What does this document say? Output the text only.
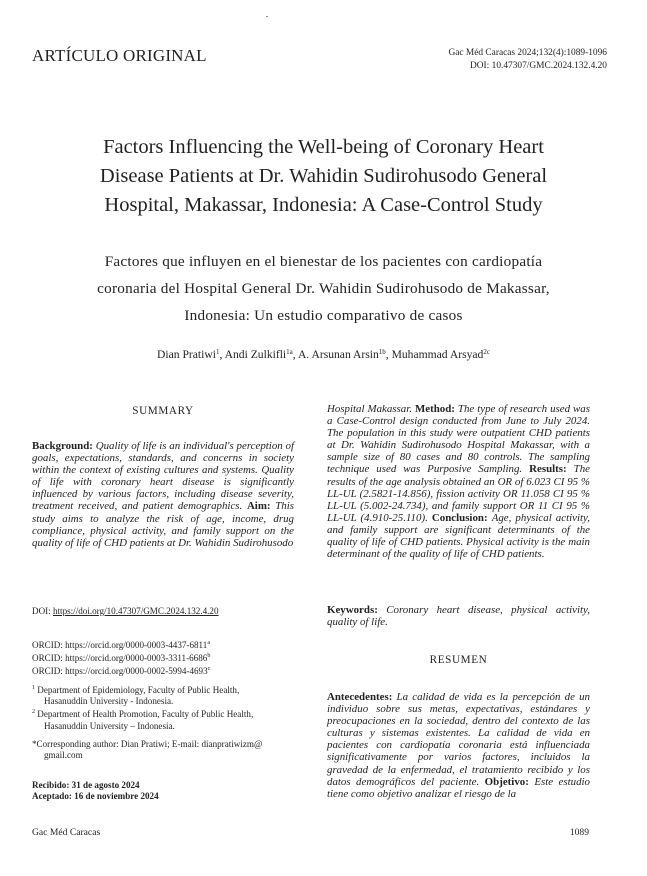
ARTÍCULO ORIGINAL	Gac Méd Caracas 2024;132(4):1089-1096
DOI: 10.47307/GMC.2024.132.4.20
Factors Influencing the Well-being of Coronary Heart
Disease Patients at Dr. Wahidin Sudirohusodo General
Hospital, Makassar, Indonesia: A Case-Control Study
Factores que influyen en el bienestar de los pacientes con cardiopatía
coronaria del Hospital General Dr. Wahidin Sudirohusodo de Makassar,
Indonesia: Un estudio comparativo de casos
Dian Pratiwi$^1$, Andi Zulkifli$^{1a}$, A. Arsunan Arsin$^{1b}$, Muhammad Arsyad$^{2c}$
SUMMARY
Background: Quality of life is an individual's perception of goals, expectations, standards, and concerns in society within the context of existing cultures and systems. Quality of life with coronary heart disease is significantly influenced by various factors, including disease severity, treatment received, and patient demographics. Aim: This study aims to analyze the risk of age, income, drug compliance, physical activity, and family support on the quality of life of CHD patients at Dr. Wahidin Sudirohusodo
DOI: https://doi.org/10.47307/GMC.2024.132.4.20
ORCID: https://orcid.org/0000-0003-4437-6811$^a$
ORCID: https://orcid.org/0000-0003-3311-6686$^b$
ORCID: https://orcid.org/0000-0002-5994-4693$^c$
$^1$ Department of Epidemiology, Faculty of Public Health,
Hasanuddin University - Indonesia.
$^2$ Department of Health Promotion, Faculty of Public Health,
Hasanuddin University – Indonesia.
*Corresponding author: Dian Pratiwi; E-mail: dianpratiwizm@
gmail.com
Recibido: 31 de agosto 2024
Aceptado: 16 de noviembre 2024
Hospital Makassar. Method: The type of research used was a Case-Control design conducted from June to July 2024. The population in this study were outpatient CHD patients at Dr. Wahidin Sudirohusodo Hospital Makassar, with a sample size of 80 cases and 80 controls. The sampling technique used was Purposive Sampling. Results: The results of the age analysis obtained an OR of 6.023 CI 95 % LL-UL (2.5821-14.856), fission activity OR 11.058 CI 95 % LL-UL (5.002-24.734), and family support OR 11 CI 95 % LL-UL (4.910-25.110). Conclusion: Age, physical activity, and family support are significant determinants of the quality of life of CHD patients. Physical activity is the main determinant of the quality of life of CHD patients.
Keywords: Coronary heart disease, physical activity, quality of life.
RESUMEN
Antecedentes: La calidad de vida es la percepción de un individuo sobre sus metas, expectativas, estándares y preocupaciones en la sociedad, dentro del contexto de las culturas y sistemas existentes. La calidad de vida en pacientes con cardiopatía coronaria está influenciada significativamente por varios factores, incluidos la gravedad de la enfermedad, el tratamiento recibido y los datos demográficos del paciente. Objetivo: Este estudio tiene como objetivo analizar el riesgo de la
Gac Méd Caracas	1089
